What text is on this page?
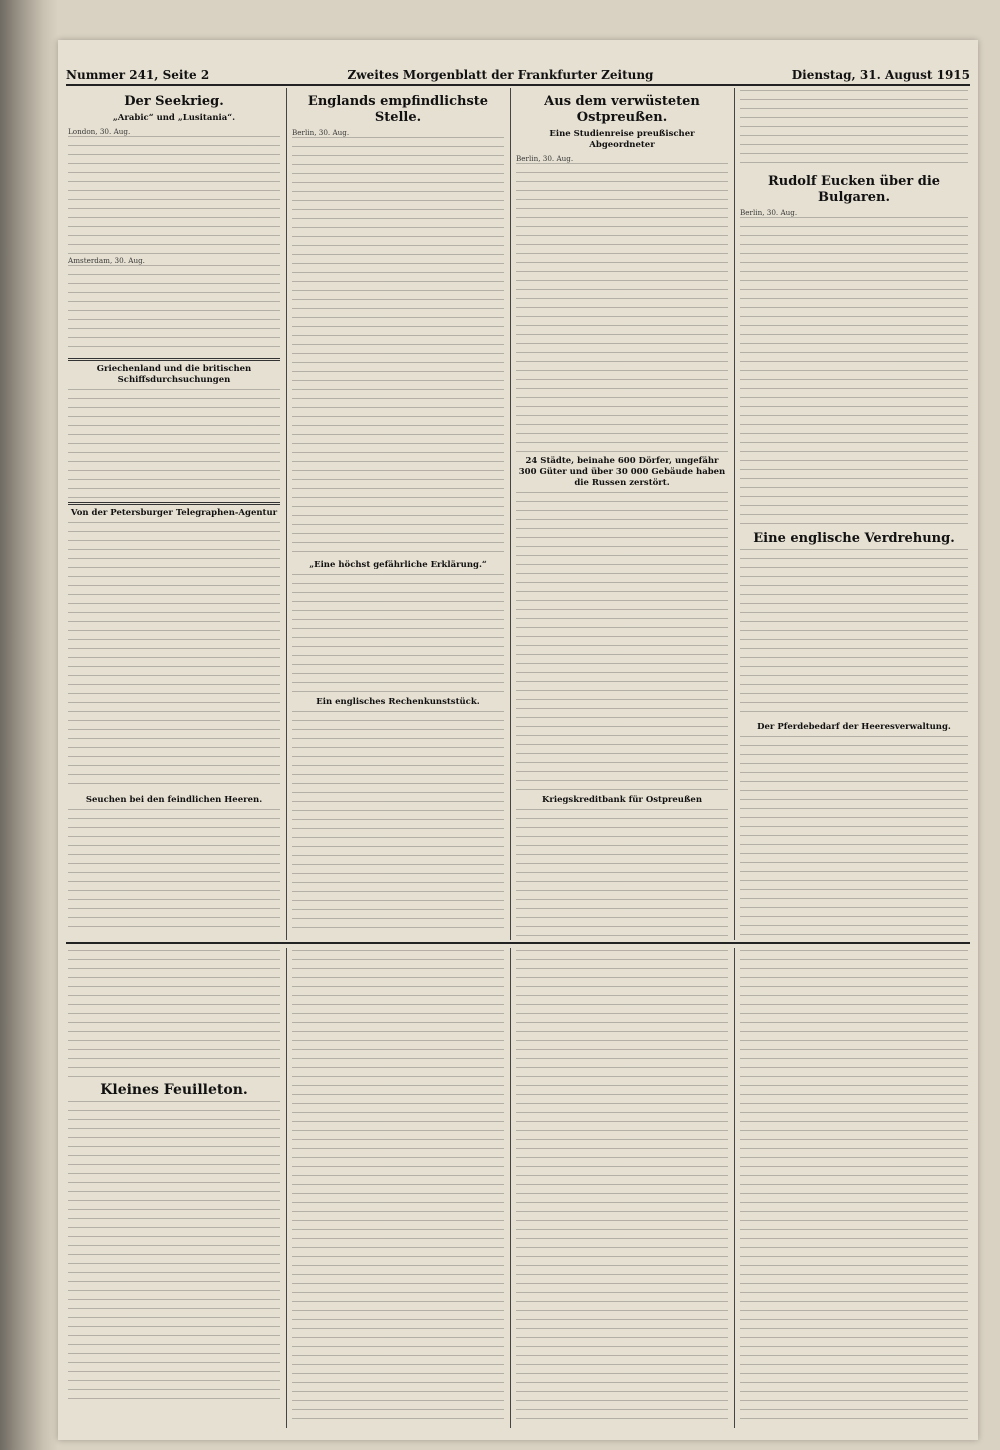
Nummer 241, Seite 2	Zweites Morgenblatt der Frankfurter Zeitung	Dienstag, 31. August 1915
Der Seekrieg.
„Arabic“ und „Lusitania“.
London, 30. Aug.
Amsterdam, 30. Aug.
Griechenland und die britischen Schiffsdurchsuchungen
Von der Petersburger Telegraphen-Agentur
Seuchen bei den feindlichen Heeren.
Englands empfindlichste Stelle.
Berlin, 30. Aug.
„Eine höchst gefährliche Erklärung.“
Ein englisches Rechenkunststück.
Aus dem verwüsteten Ostpreußen.
Eine Studienreise preußischer Abgeordneter
Berlin, 30. Aug.
24 Städte, beinahe 600 Dörfer, ungefähr 300 Güter und über 30 000 Gebäude haben die Russen zerstört.
Kriegskreditbank für Ostpreußen
Rudolf Eucken über die Bulgaren.
Berlin, 30. Aug.
Eine englische Verdrehung.
Der Pferdebedarf der Heeresverwaltung.
Kleines Feuilleton.
